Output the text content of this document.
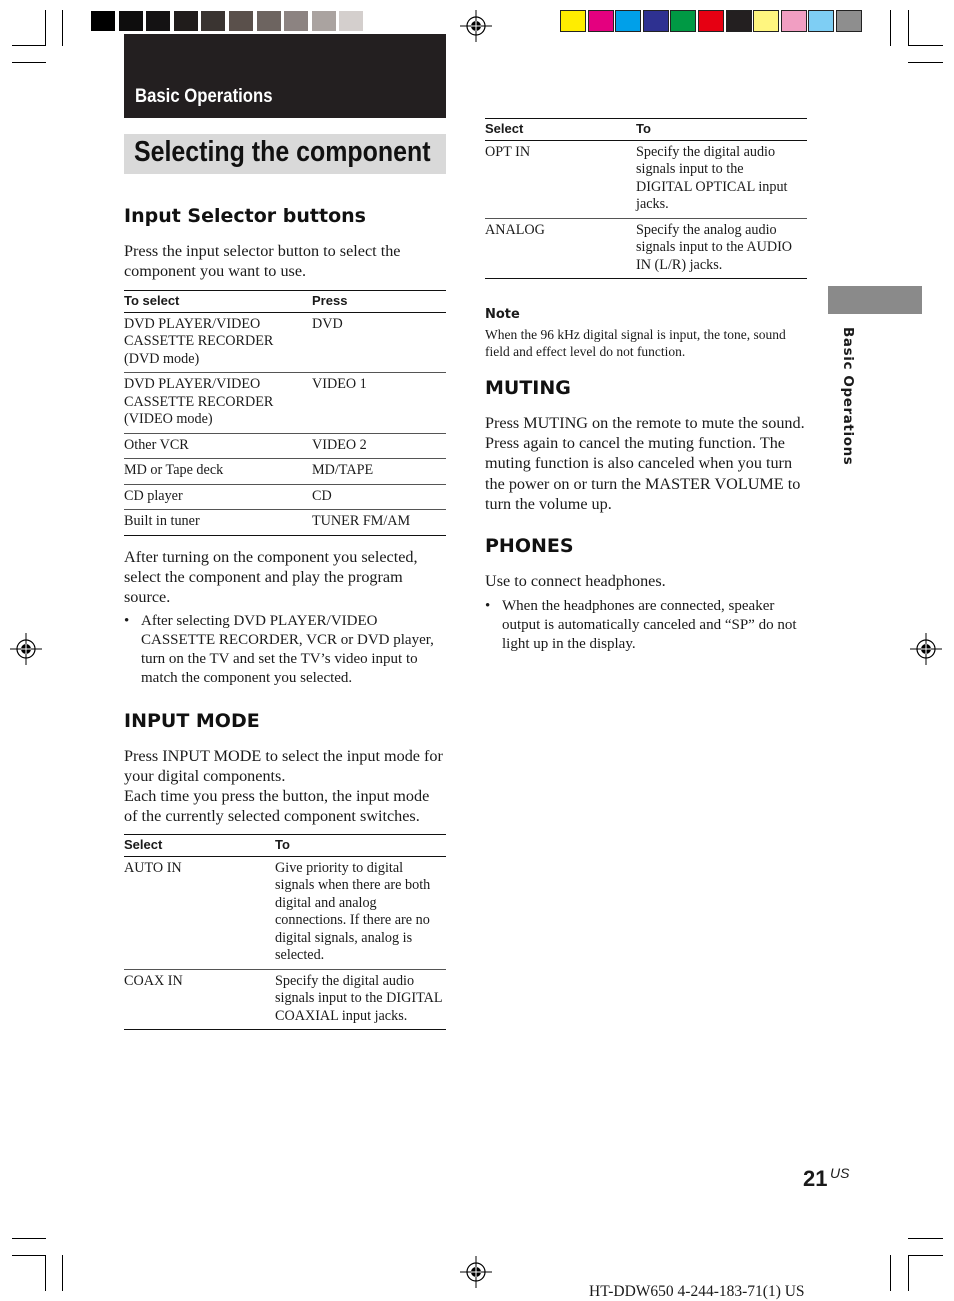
Basic Operations
Selecting the component
Input Selector buttons

Press the input selector button to select the component you want to use.

To select	Press
DVD PLAYER/VIDEO CASSETTE RECORDER (DVD mode)	DVD
DVD PLAYER/VIDEO CASSETTE RECORDER (VIDEO mode)	VIDEO 1
Other VCR	VIDEO 2
MD or Tape deck	MD/TAPE
CD player	CD
Built in tuner	TUNER FM/AM

After turning on the component you selected, select the component and play the program source.

• After selecting DVD PLAYER/VIDEO CASSETTE RECORDER, VCR or DVD player, turn on the TV and set the TV’s video input to match the component you selected.
INPUT MODE

Press INPUT MODE to select the input mode for your digital components.

Each time you press the button, the input mode of the currently selected component switches.

Select	To
AUTO IN	Give priority to digital signals when there are both digital and analog connections. If there are no digital signals, analog is selected.
COAX IN	Specify the digital audio signals input to the DIGITAL COAXIAL input jacks.
Select	To
OPT IN	Specify the digital audio signals input to the DIGITAL OPTICAL input jacks.
ANALOG	Specify the analog audio signals input to the AUDIO IN (L/R) jacks.
Note
When the 96 kHz digital signal is input, the tone, sound field and effect level do not function.
MUTING

Press MUTING on the remote to mute the sound. Press again to cancel the muting function. The muting function is also canceled when you turn the power on or turn the MASTER VOLUME to turn the volume up.

PHONES

Use to connect headphones.

• When the headphones are connected, speaker output is automatically canceled and “SP” do not light up in the display.
Basic Operations
21 US
HT-DDW650 4-244-183-71(1) US
